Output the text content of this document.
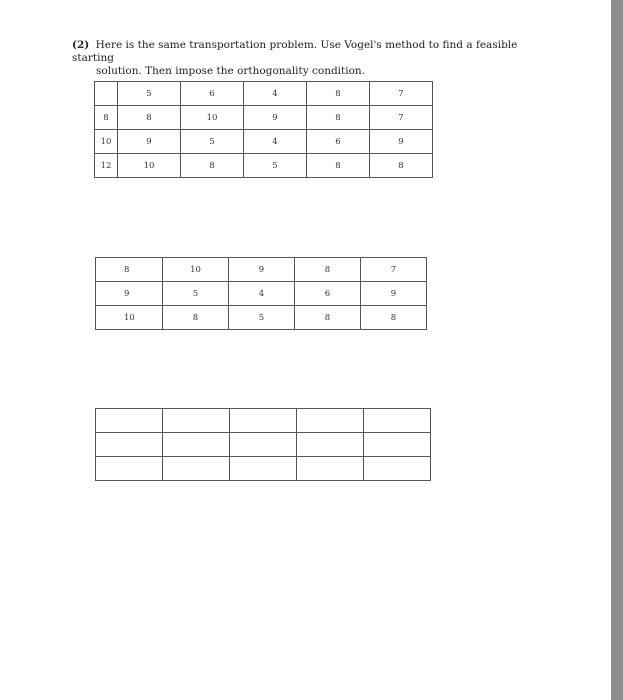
(2) Here is the same transportation problem. Use Vogel's method to find a feasible starting
solution. Then impose the orthogonality condition.
	5	6	4	8	7
8	8	10	9	8	7
10	9	5	4	6	9
12	10	8	5	8	8
8	10	9	8	7
9	5	4	6	9
10	8	5	8	8
